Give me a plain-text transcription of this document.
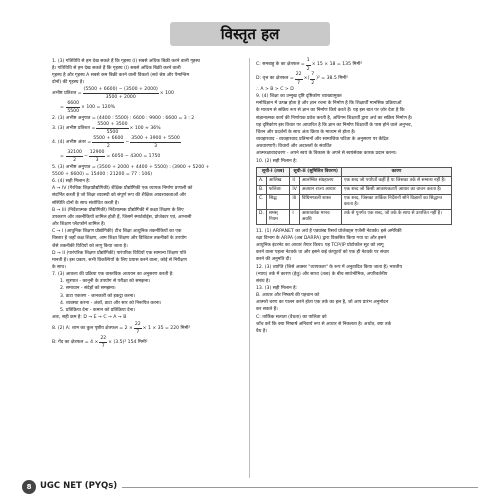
विस्तृत हल

1. (3) गतिविधि से हम देख सकते हैं कि गृहस्थ (I) सबसे अधिक बिक्री करने वाली गृहस्थ

है। गतिविधि से हम देख सकते हैं कि गृहस्थ (I) सबसे अधिक बिक्री करने वाली

गृहस्थ है और गृहस्थ A सबसे कम बिक्री करने वाली विकर्ता (सर्व श्रेष्ठ और पैमान्तिम

दोनों) की गृहस्थ है।

अभीष्ट प्रतिशत = $\frac{(5500 + 6600) - (3500 + 2000)}{3500 + 2000} \times 100$
= $\frac{6600}{5500} \times 100 = 120\%$

2. (3) अभीष्ट अनुपात = (4400 : 5500) : 6600 : 9900 : 6600 = 3 : 2

3. (3) अभीष्ट प्रतिशत = $\frac{5500 + 3500}{5500} \times 100 \approx 36\%$
4. (4) अभीष्ट अंतर = $\frac{5500 + 6600}{2} - \frac{3500 + 3900 + 5500}{3}$
= $\frac{32100}{2} - \frac{12900}{3} = 6050 - 4300 = 1750$

5. (3) अभीष्ट अनुपात = (3500 + 2000 + 4400 + 5500) : (3900 + 5200 +

5500 + 6600) = 15400 : 21200 = 77 : 106)

6. (4) सही मिलान है:

A → IV (गैरविक शिक्षाप्रौद्योगिकी) शैक्षिक प्रौद्योगिकी एक व्यापक निर्माण प्रणाली को

संदर्भित करती है जो शिक्षा व्यवस्थी को संपूर्ण रूप की शैक्षिक आवश्यकताओं और

संस्थिति दोनों के साथ संशोधित करती है।

B → III (निर्देशात्मक प्रौद्योगिकी) निर्देशात्मक प्रौद्योगिकी में कक्षा शिक्षण के लिए

उपकरण और तकनीकियों शामिल होती हैं, जिसमें स्मार्टबोर्ड्स, प्रोजेक्टर एवं, आभासी

और शिक्षण प्लैटफॉर्म शामिल हैं।

C → I (आधुनिक शिक्षण प्रौद्योगिकी) टीच शिक्षा आधुनिक तकनीकियों का एक

विस्तार है जहाँ कक्ष शिक्षण, आम शिक्षा शिक्षण और डिजिटल तकनीकों के उपयोग

जैसे तकनीकी विधियों को लागू किया जाता है।

D → II (पारंपरिक शिक्षण प्रौद्योगिकी) पारंपरिक विधियों एक सामान्य शिक्षण पति

मानती है। इस प्रकार, सभी विकल्पियों के लिए प्रयास करने वाला, कोई से निरीक्षण

के साथ।

7. (3) आवश्य की प्रक्रिया एक वास्तविक अध्ययन का अनुसरण करती है:

1. सूत्रपात - कानूनी के उपयोग से परीक्षा को समझना।

2. समाधान - संदेहों को समझना।

3. डाटा एकत्रण - जानकारी को इकट्ठा करना।

4. व्यवस्था करना - अंकों, डाटा और सार को निरूपित करना।

5. प्रतिक्रिया देना - कमान को प्रतिक्रिया देना।

अतः, सही क्रम है: D → E → C → A → B

8. (2) A: शाम का कुल पृष्ठीय क्षेत्रफल = $2 \times \frac{22}{7} \times 1 \times 35 = 220$ मिमी²
B: गेंद का क्षेत्रफल = $4 \times \frac{22}{7} \times (3.5)^2$ 154 मिमी²
C: समबाहु के का क्षेत्रफल = $\frac{1}{2} \times 15 \times 18 = 135$ मिमी²
D: वृत्त का क्षेत्रफल = $\frac{22}{7}$ × ( $\frac{7}{2}$ ) ² = 38.5 मिमी²

∴ A > B > C > D

9. (4) शिक्षा का उन्मुख दृष्टि दृष्टिकोण व्याख्यामुक्त

मनोविज्ञान में उत्पन्न होता है और ज्ञान रचना के निर्माण है कि शिक्षार्थी मानसिक प्रक्रियाओं

के माध्यम से सक्रिय रूप से ज्ञान का निर्माण किये करते हैं। यह इस बात पर ज़ोर देता है कि

संज्ञानात्मक कार्य की निर्णायक प्रवेश करती है, अधिगम शिक्षार्थी द्वारा अर्थ का सक्रिय निर्माण है।

यह दृष्टिकोण इस विचार पर आधारित है कि ज्ञान का निर्माण शिक्षार्थी के पास होने वाले अनुभव,

चिंतन और प्रदर्शनों के साथ अंतः क्रिया के माध्यम से होता है।

व्यवहारवाद - व्यवहारवाद प्रतिमानों और सामाजिक घटिता के अनुसरण पर केंद्रित

अवधारणाएँ। विचारों और अदालतों के संवर्धित

आत्मरक्षावादचरण - अपने स्वयं के विकास के अपने से स्वयंसेवक कारक प्रदान करना।

10. (2) सही मिलान है:

सूची-I (तत्व)		सूची-II (सुमिलित विवरण)		कारण
A.	आलिख	II	आलम्बित संग्रहालय	एक शब्द जो पर्याप्तों कहीं है या जिसका तर्क से सम्बन्ध नहीं है।
B.	फलिताः	IV	अवधान राज्य आधार	एक शब्द जो किसी आवश्यकताएँ आधार का वाचन करता है।
C.	सिद्ध	III	विधिमण्डली शास्त्र	एक शब्द, जिसका तार्किक निर्देशनों सोने विज्ञानों का सिद्धान्त करता है।
D.	समस् नियम	I	आशावर्धक मानव अवधि	तर्क से पुनर्गत एक शब्द, जो तर्क के साथ से उत्पत्तित नहीं है।

11. (1) ARPANET का अर्थ है एडवांस्ड रिसर्च प्रोजेक्ट्स एजेंसी नेटवर्क। इसे अमेरिकी

रक्षा विभाग के ARPA (अब DARPA) द्वारा विकसित किया गया था और इसने

आधुनिक इंटरनेट का आधार तैयार किया। यह TCP/IP प्रोटोकॉल सूट को लागू

करने वाला पहला नेटवर्क था और इसने कई कंप्यूटरों को एक ही नेटवर्क पर संचार

करने की अनुमति दी।

12. (3) व्याप्ति (जिसे अक्सर "व्यापकता" के रूप में अनुवादित किया जाता है) भारतीय

(न्याय) तर्क में कारण (हेतु) और साध्य (तत्व) के बीच सार्वभौमिक, अपरिवर्तनीय

संबंध है।

13. (3) सही मिलान है:

B. आधार और निष्कर्ष की पहचान को

आत्मरो चरण का पालन करने होता एक तर्क का हल है, जो आप प्रारंभ अनुमोदन

कर सकते हैं।

C: तार्किक सत्यता (वैधता) का पालिता को

जाँच करें कि क्या निष्कर्ष अनिवार्य रूप से आधार से निकलता है। अर्थात, क्या तर्क

वैध है।

8	UGC NET (PYQs)
